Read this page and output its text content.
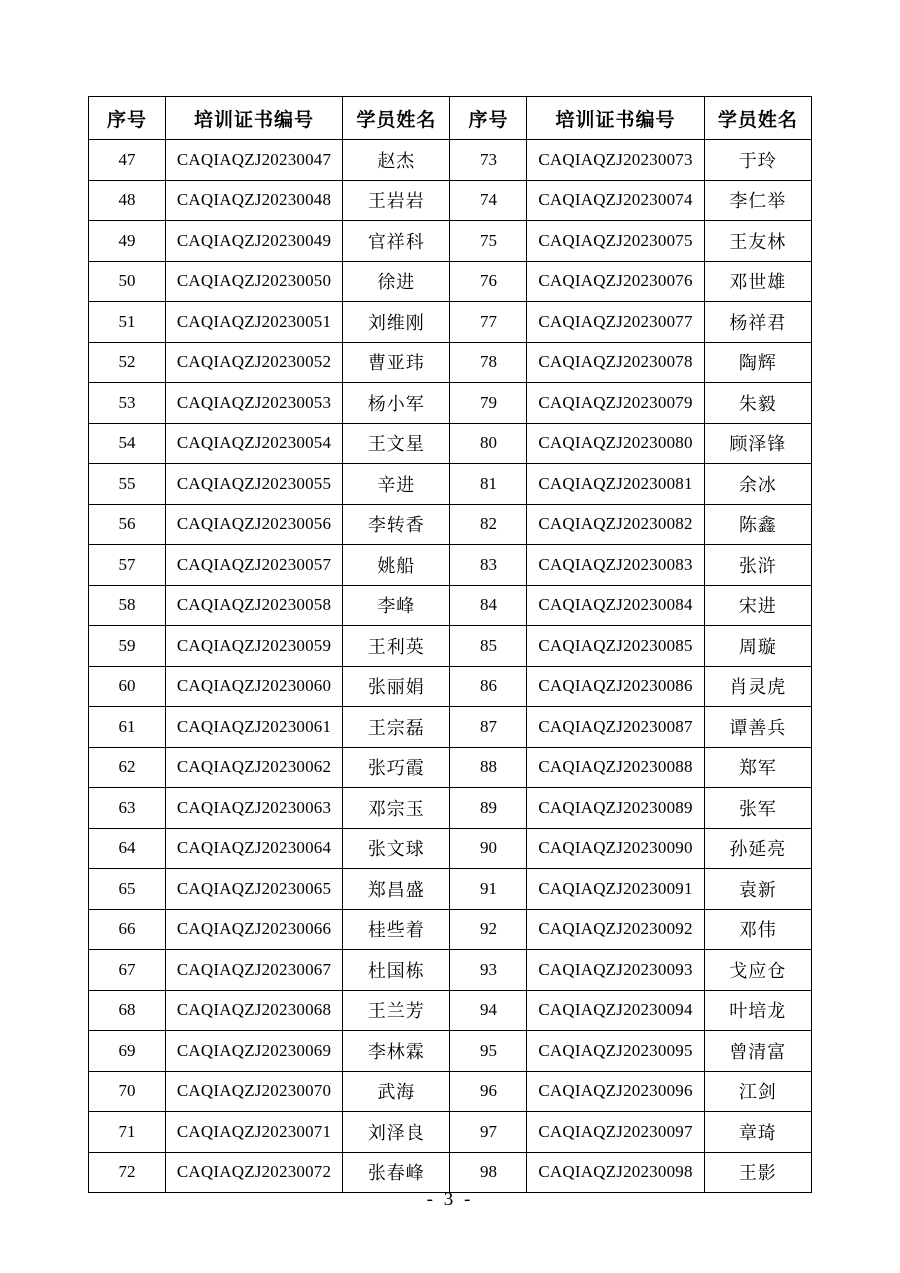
序号	培训证书编号	学员姓名	序号	培训证书编号	学员姓名
47	CAQIAQZJ20230047	赵杰	73	CAQIAQZJ20230073	于玲
48	CAQIAQZJ20230048	王岩岩	74	CAQIAQZJ20230074	李仁举
49	CAQIAQZJ20230049	官祥科	75	CAQIAQZJ20230075	王友林
50	CAQIAQZJ20230050	徐进	76	CAQIAQZJ20230076	邓世雄
51	CAQIAQZJ20230051	刘维刚	77	CAQIAQZJ20230077	杨祥君
52	CAQIAQZJ20230052	曹亚玮	78	CAQIAQZJ20230078	陶辉
53	CAQIAQZJ20230053	杨小军	79	CAQIAQZJ20230079	朱毅
54	CAQIAQZJ20230054	王文星	80	CAQIAQZJ20230080	顾泽锋
55	CAQIAQZJ20230055	辛进	81	CAQIAQZJ20230081	余冰
56	CAQIAQZJ20230056	李转香	82	CAQIAQZJ20230082	陈鑫
57	CAQIAQZJ20230057	姚船	83	CAQIAQZJ20230083	张浒
58	CAQIAQZJ20230058	李峰	84	CAQIAQZJ20230084	宋进
59	CAQIAQZJ20230059	王利英	85	CAQIAQZJ20230085	周璇
60	CAQIAQZJ20230060	张丽娟	86	CAQIAQZJ20230086	肖灵虎
61	CAQIAQZJ20230061	王宗磊	87	CAQIAQZJ20230087	谭善兵
62	CAQIAQZJ20230062	张巧霞	88	CAQIAQZJ20230088	郑军
63	CAQIAQZJ20230063	邓宗玉	89	CAQIAQZJ20230089	张军
64	CAQIAQZJ20230064	张文球	90	CAQIAQZJ20230090	孙延亮
65	CAQIAQZJ20230065	郑昌盛	91	CAQIAQZJ20230091	袁新
66	CAQIAQZJ20230066	桂些着	92	CAQIAQZJ20230092	邓伟
67	CAQIAQZJ20230067	杜国栋	93	CAQIAQZJ20230093	戈应仓
68	CAQIAQZJ20230068	王兰芳	94	CAQIAQZJ20230094	叶培龙
69	CAQIAQZJ20230069	李林霖	95	CAQIAQZJ20230095	曾清富
70	CAQIAQZJ20230070	武海	96	CAQIAQZJ20230096	江剑
71	CAQIAQZJ20230071	刘泽良	97	CAQIAQZJ20230097	章琦
72	CAQIAQZJ20230072	张春峰	98	CAQIAQZJ20230098	王影
- 3 -
